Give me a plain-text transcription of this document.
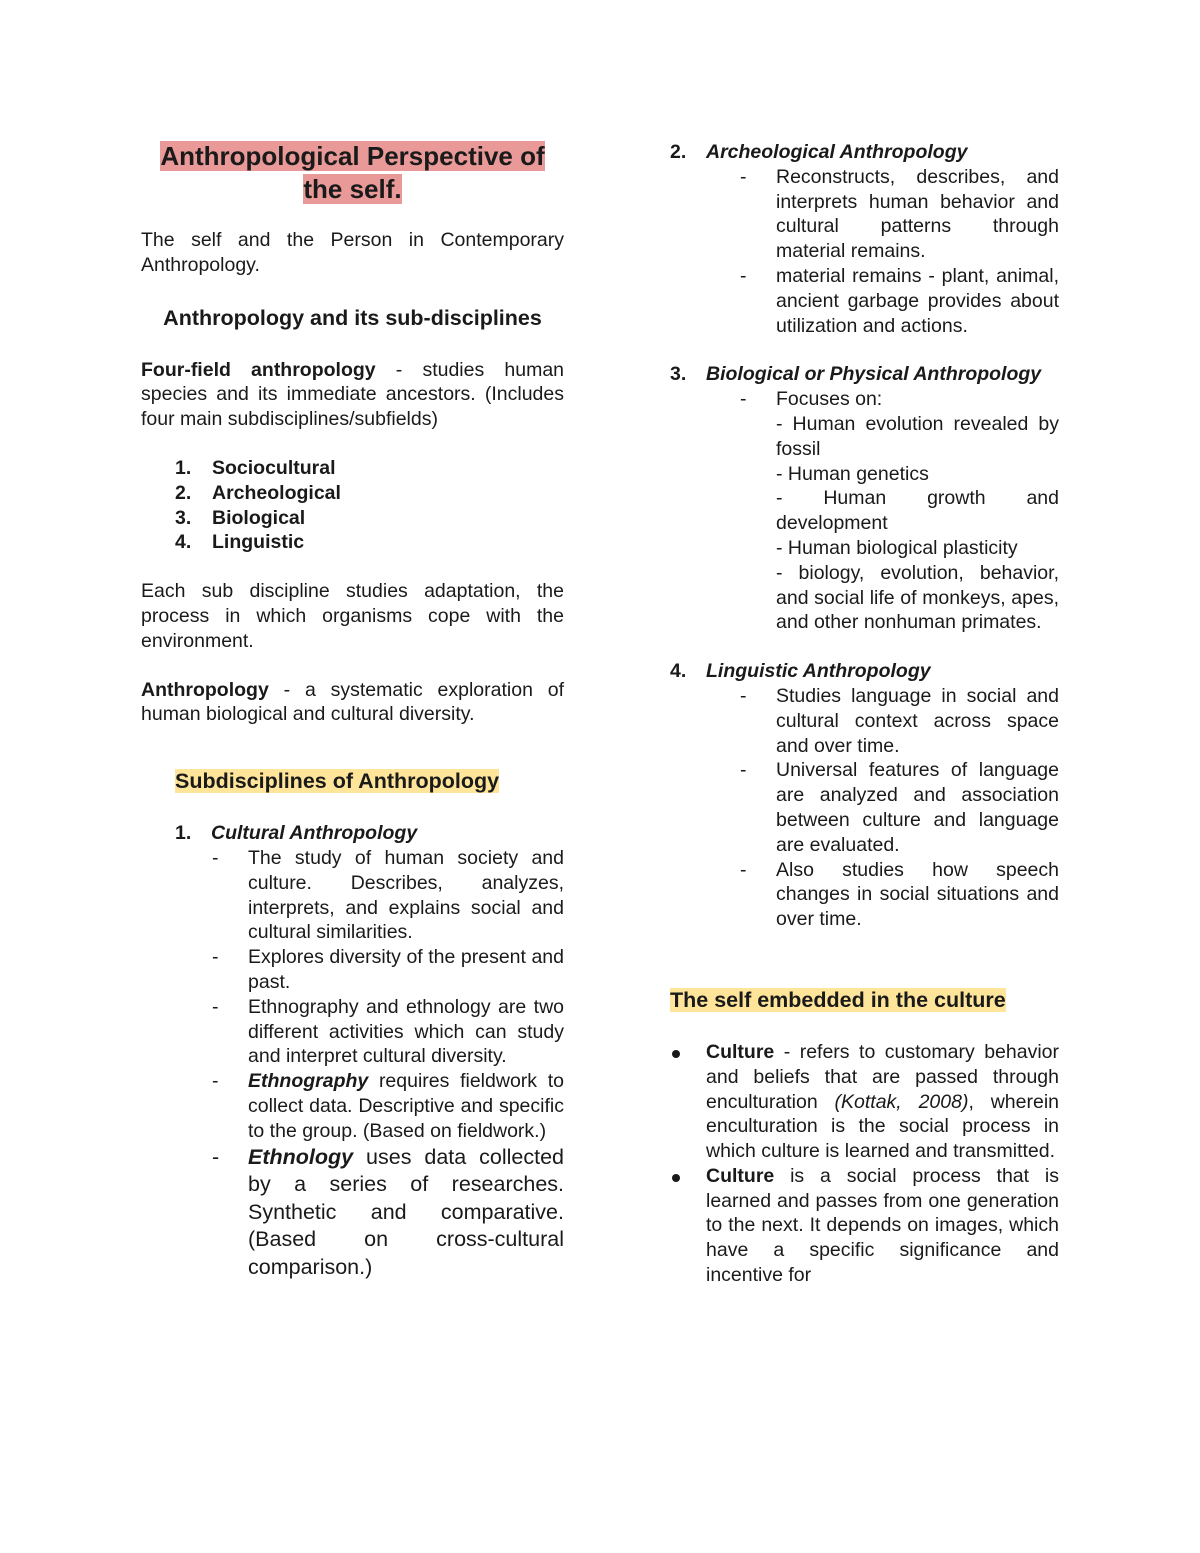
Anthropological Perspective of
the self.

The self and the Person in Contemporary Anthropology.

Anthropology and its sub-disciplines

Four-field anthropology - studies human species and its immediate ancestors. (Includes four main subdisciplines/subfields)

1. Sociocultural
2. Archeological
3. Biological
4. Linguistic

Each sub discipline studies adaptation, the process in which organisms cope with the environment.

Anthropology - a systematic exploration of human biological and cultural diversity.

Subdisciplines of Anthropology
1. Cultural Anthropology
- The study of human society and culture. Describes, analyzes, interprets, and explains social and cultural similarities.
- Explores diversity of the present and past.
- Ethnography and ethnology are two different activities which can study and interpret cultural diversity.
- Ethnography requires fieldwork to collect data. Descriptive and specific to the group. (Based on fieldwork.)
- Ethnology uses data collected by a series of researches. Synthetic and comparative. (Based on cross-cultural comparison.)
2. Archeological Anthropology
- Reconstructs, describes, and interprets human behavior and cultural patterns through material remains.
- material remains - plant, animal, ancient garbage provides about utilization and actions.
3. Biological or Physical Anthropology
- Focuses on:
- Human evolution revealed by fossil
- Human genetics
- Human growth and development
- Human biological plasticity
- biology, evolution, behavior, and social life of monkeys, apes, and other nonhuman primates.
4. Linguistic Anthropology
- Studies language in social and cultural context across space and over time.
- Universal features of language are analyzed and association between culture and language are evaluated.
- Also studies how speech changes in social situations and over time.
The self embedded in the culture
Culture - refers to customary behavior and beliefs that are passed through enculturation (Kottak, 2008), wherein enculturation is the social process in which culture is learned and transmitted.
Culture is a social process that is learned and passes from one generation to the next. It depends on images, which have a specific significance and incentive for
